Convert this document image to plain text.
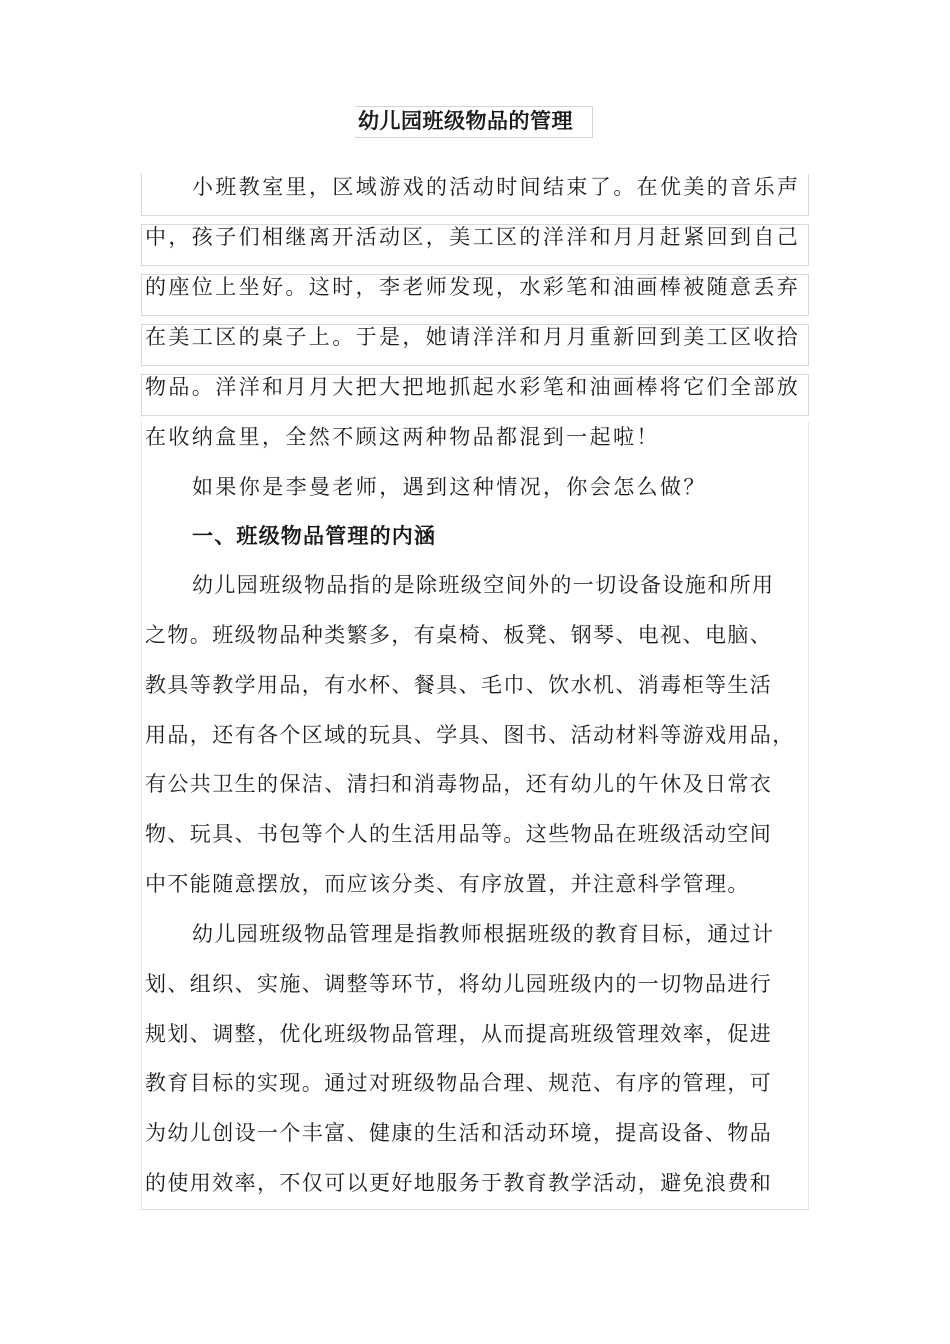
幼儿园班级物品的管理
小班教室里，区域游戏的活动时间结束了。在优美的音乐声
中，孩子们相继离开活动区，美工区的洋洋和月月赶紧回到自己
的座位上坐好。这时，李老师发现，水彩笔和油画棒被随意丢弃
在美工区的桌子上。于是，她请洋洋和月月重新回到美工区收拾
物品。洋洋和月月大把大把地抓起水彩笔和油画棒将它们全部放
在收纳盒里，全然不顾这两种物品都混到一起啦！
如果你是李曼老师，遇到这种情况，你会怎么做？
一、班级物品管理的内涵
幼儿园班级物品指的是除班级空间外的一切设备设施和所用
之物。班级物品种类繁多，有桌椅、板凳、钢琴、电视、电脑、
教具等教学用品，有水杯、餐具、毛巾、饮水机、消毒柜等生活
用品，还有各个区域的玩具、学具、图书、活动材料等游戏用品，
有公共卫生的保洁、清扫和消毒物品，还有幼儿的午休及日常衣
物、玩具、书包等个人的生活用品等。这些物品在班级活动空间
中不能随意摆放，而应该分类、有序放置，并注意科学管理。
幼儿园班级物品管理是指教师根据班级的教育目标，通过计
划、组织、实施、调整等环节，将幼儿园班级内的一切物品进行
规划、调整，优化班级物品管理，从而提高班级管理效率，促进
教育目标的实现。通过对班级物品合理、规范、有序的管理，可
为幼儿创设一个丰富、健康的生活和活动环境，提高设备、物品
的使用效率，不仅可以更好地服务于教育教学活动，避免浪费和
